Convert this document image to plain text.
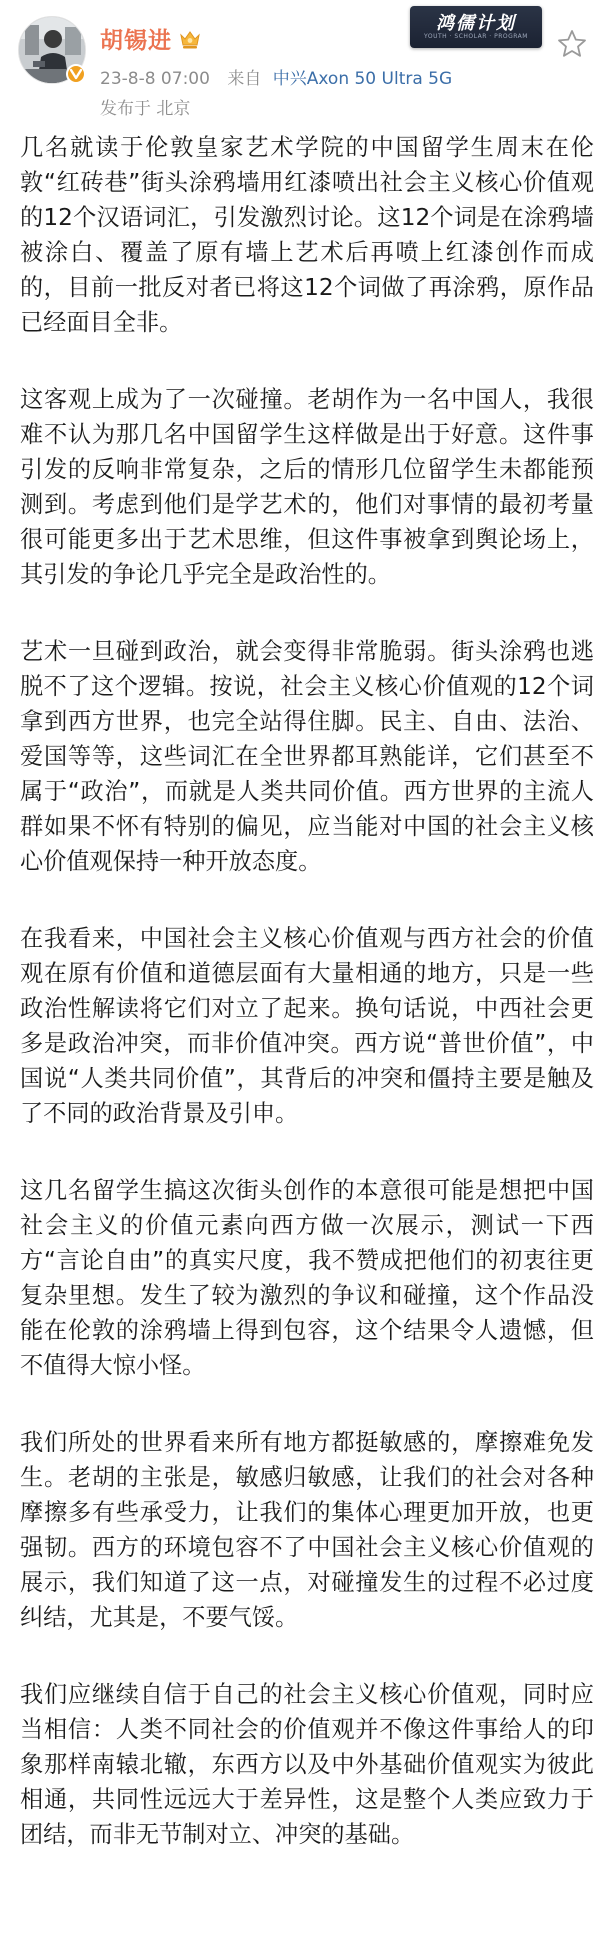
胡锡进
23-8-8 07:00 来自 中兴Axon 50 Ultra 5G
发布于 北京
鸿儒计划
YOUTH · SCHOLAR · PROGRAM

几名就读于伦敦皇家艺术学院的中国留学生周末在伦敦“红砖巷”街头涂鸦墙用红漆喷出社会主义核心价值观的12个汉语词汇，引发激烈讨论。这12个词是在涂鸦墙被涂白、覆盖了原有墙上艺术后再喷上红漆创作而成的，目前一批反对者已将这12个词做了再涂鸦，原作品已经面目全非。

这客观上成为了一次碰撞。老胡作为一名中国人，我很难不认为那几名中国留学生这样做是出于好意。这件事引发的反响非常复杂，之后的情形几位留学生未都能预测到。考虑到他们是学艺术的，他们对事情的最初考量很可能更多出于艺术思维，但这件事被拿到舆论场上，其引发的争论几乎完全是政治性的。

艺术一旦碰到政治，就会变得非常脆弱。街头涂鸦也逃脱不了这个逻辑。按说，社会主义核心价值观的12个词拿到西方世界，也完全站得住脚。民主、自由、法治、爱国等等，这些词汇在全世界都耳熟能详，它们甚至不属于“政治”，而就是人类共同价值。西方世界的主流人群如果不怀有特别的偏见，应当能对中国的社会主义核心价值观保持一种开放态度。

在我看来，中国社会主义核心价值观与西方社会的价值观在原有价值和道德层面有大量相通的地方，只是一些政治性解读将它们对立了起来。换句话说，中西社会更多是政治冲突，而非价值冲突。西方说“普世价值”，中国说“人类共同价值”，其背后的冲突和僵持主要是触及了不同的政治背景及引申。

这几名留学生搞这次街头创作的本意很可能是想把中国社会主义的价值元素向西方做一次展示，测试一下西方“言论自由”的真实尺度，我不赞成把他们的初衷往更复杂里想。发生了较为激烈的争议和碰撞，这个作品没能在伦敦的涂鸦墙上得到包容，这个结果令人遗憾，但不值得大惊小怪。

我们所处的世界看来所有地方都挺敏感的，摩擦难免发生。老胡的主张是，敏感归敏感，让我们的社会对各种摩擦多有些承受力，让我们的集体心理更加开放，也更强韧。西方的环境包容不了中国社会主义核心价值观的展示，我们知道了这一点，对碰撞发生的过程不必过度纠结，尤其是，不要气馁。

我们应继续自信于自己的社会主义核心价值观，同时应当相信：人类不同社会的价值观并不像这件事给人的印象那样南辕北辙，东西方以及中外基础价值观实为彼此相通，共同性远远大于差异性，这是整个人类应致力于团结，而非无节制对立、冲突的基础。
